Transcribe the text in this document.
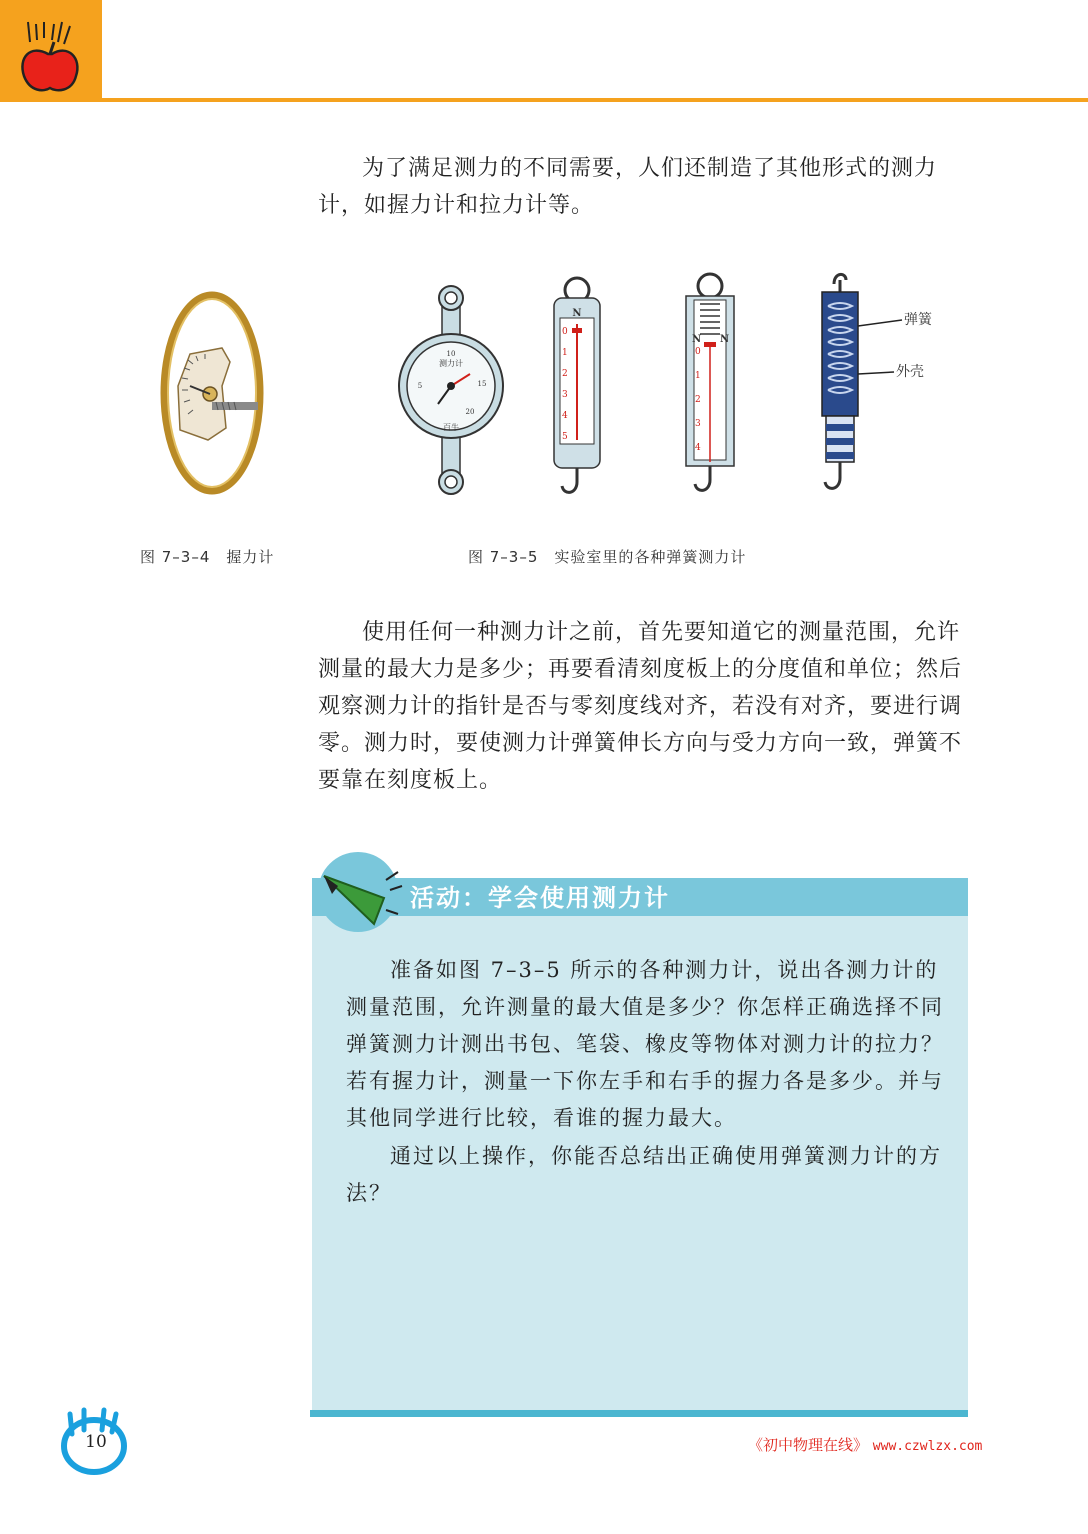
为了满足测力的不同需要，人们还制造了其他形式的测力计，如握力计和拉力计等。

测力计
10
15
20
5
百牛
N
0
1
2
3
4
5
N N
0
1
2
3
4
弹簧
外壳
图 7–3–4 握力计	图 7–3–5 实验室里的各种弹簧测力计

使用任何一种测力计之前，首先要知道它的测量范围，允许测量的最大力是多少；再要看清刻度板上的分度值和单位；然后观察测力计的指针是否与零刻度线对齐，若没有对齐，要进行调零。测力时，要使测力计弹簧伸长方向与受力方向一致，弹簧不要靠在刻度板上。

活动：学会使用测力计

准备如图 7–3–5 所示的各种测力计，说出各测力计的测量范围，允许测量的最大值是多少？你怎样正确选择不同弹簧测力计测出书包、笔袋、橡皮等物体对测力计的拉力？若有握力计，测量一下你左手和右手的握力各是多少。并与其他同学进行比较，看谁的握力最大。

通过以上操作，你能否总结出正确使用弹簧测力计的方法？

10	《初中物理在线》 www.czwlzx.com
